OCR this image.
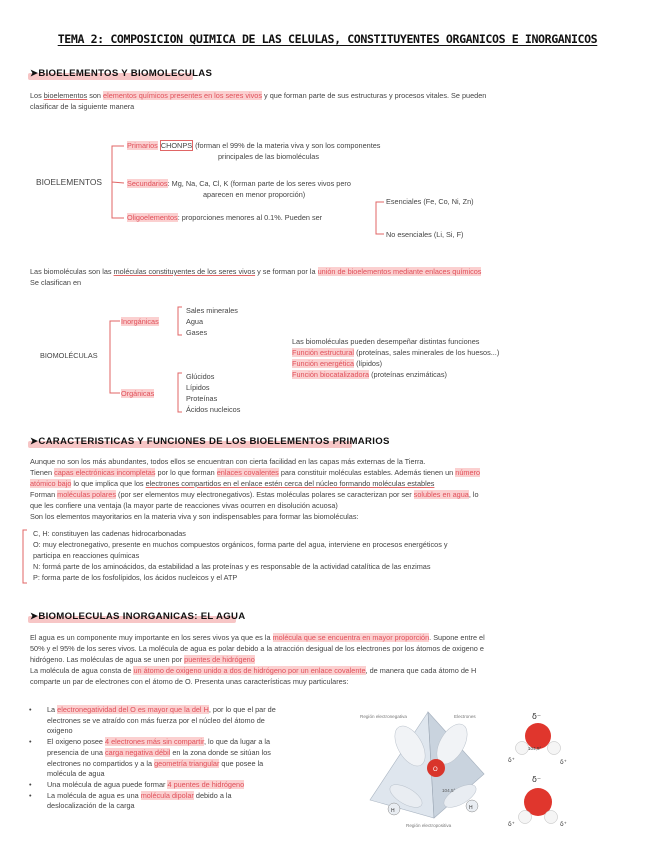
TEMA 2: COMPOSICION QUIMICA DE LAS CELULAS, CONSTITUYENTES ORGANICOS E INORGANICOS
➤BIOELEMENTOS Y BIOMOLECULAS
Los bioelementos son elementos químicos presentes en los seres vivos y que forman parte de sus estructuras y procesos vitales. Se pueden
clasificar de la siguiente manera
BIOELEMENTOS
Primarios CHONPS (forman el 99% de la materia viva y son los componentes
principales de las biomoléculas
Secundarios: Mg, Na, Ca, Cl, K (forman parte de los seres vivos pero
aparecen en menor proporción)
Oligoelementos: proporciones menores al 0.1%. Pueden ser
Esenciales (Fe, Co, Ni, Zn)
No esenciales (Li, Si, F)
Las biomoléculas son las moléculas constituyentes de los seres vivos y se forman por la unión de bioelementos mediante enlaces químicos
Se clasifican en
BIOMOLÉCULAS
Inorgánicas
Orgánicas
Sales minerales
Agua
Gases
Glúcidos
Lípidos
Proteínas
Ácidos nucleicos
Las biomoléculas pueden desempeñar distintas funciones
Función estructural (proteínas, sales minerales de los huesos...)
Función energética (lípidos)
Función biocatalizadora (proteínas enzimáticas)
➤CARACTERISTICAS Y FUNCIONES DE LOS BIOELEMENTOS PRIMARIOS
Aunque no son los más abundantes, todos ellos se encuentran con cierta facilidad en las capas más externas de la Tierra.
Tienen capas electrónicas incompletas por lo que forman enlaces covalentes para constituir moléculas estables. Además tienen un número
atómico bajo lo que implica que los electrones compartidos en el enlace estén cerca del núcleo formando moléculas estables
Forman moléculas polares (por ser elementos muy electronegativos). Estas moléculas polares se caracterizan por ser solubles en agua, lo
que les confiere una ventaja (la mayor parte de reacciones vivas ocurren en disolución acuosa)
Son los elementos mayoritarios en la materia viva y son indispensables para formar las biomoléculas:
C, H: constituyen las cadenas hidrocarbonadas
O: muy electronegativo, presente en muchos compuestos orgánicos, forma parte del agua, interviene en procesos energéticos y
participa en reacciones químicas
N: formá parte de los aminoácidos, da estabilidad a las proteínas y es responsable de la actividad catalítica de las enzimas
P: forma parte de los fosfolípidos, los ácidos nucleicos y el ATP
➤BIOMOLECULAS INORGANICAS: EL AGUA
El agua es un componente muy importante en los seres vivos ya que es la molécula que se encuentra en mayor proporción. Supone entre el
50% y el 95% de los seres vivos. La molécula de agua es polar debido a la atracción desigual de los electrones por los átomos de oxigeno e
hidrógeno. Las moléculas de agua se unen por puentes de hidrógeno
La molécula de agua consta de un átomo de oxigeno unido a dos de hidrógeno por un enlace covalente, de manera que cada átomo de H
comparte un par de electrones con el átomo de O. Presenta unas características muy particulares:
• La electronegatividad del O es mayor que la del H, por lo que el par de
electrones se ve atraído con más fuerza por el núcleo del átomo de
oxigeno
• El oxigeno posee 4 electrones más sin compartir, lo que da lugar a la
presencia de una carga negativa débil en la zona donde se sitúan los
electrones no compartidos y a la geometría triangular que posee la
molécula de agua
• Una molécula de agua puede formar 4 puentes de hidrógeno
• La molécula de agua es una molécula dipolar debido a la
deslocalización de la carga
O
H	H
Región electronegativa	Electrones
104,5°
Región electropositiva
δ⁻
104,5°
δ⁺	δ⁺
δ⁻
δ⁺	δ⁺
